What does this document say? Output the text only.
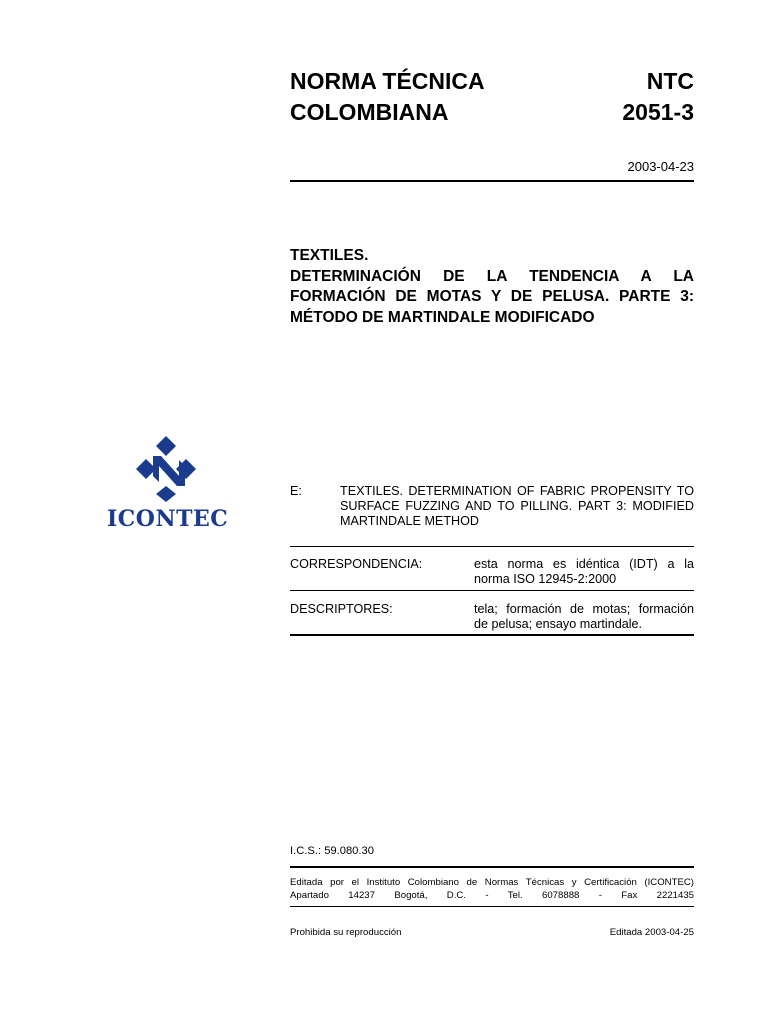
NORMA TÉCNICA
COLOMBIANA
NTC
2051-3
2003-04-23
TEXTILES.
DETERMINACIÓN DE LA TENDENCIA A LA
FORMACIÓN DE MOTAS Y DE PELUSA. PARTE 3:
MÉTODO DE MARTINDALE MODIFICADO
ICONTEC
E:	TEXTILES. DETERMINATION OF FABRIC PROPENSITY TO
SURFACE FUZZING AND TO PILLING. PART 3: MODIFIED
MARTINDALE METHOD
CORRESPONDENCIA:	esta norma es idéntica (IDT) a la
norma ISO 12945-2:2000
DESCRIPTORES:	tela; formación de motas; formación
de pelusa; ensayo martindale.
I.C.S.: 59.080.30
Editada por el Instituto Colombiano de Normas Técnicas y Certificación (ICONTEC)
Apartado 14237 Bogotá, D.C. - Tel. 6078888 - Fax 2221435
Prohibida su reproducción	Editada 2003-04-25
